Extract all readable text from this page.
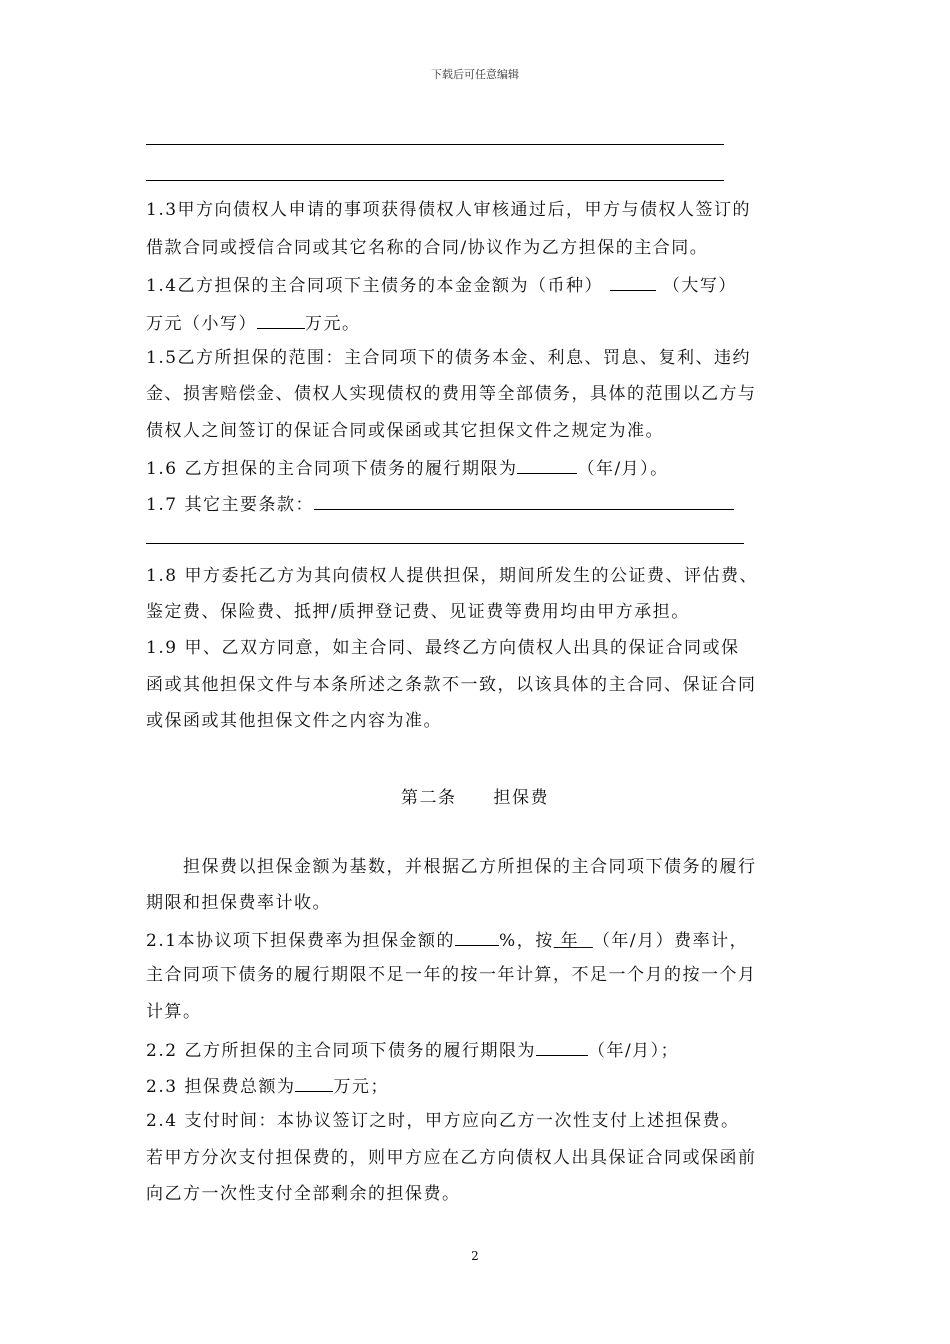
下载后可任意编辑
1.3甲方向债权人申请的事项获得债权人审核通过后，甲方与债权人签订的
借款合同或授信合同或其它名称的合同/协议作为乙方担保的主合同。
1.4乙方担保的主合同项下主债务的本金金额为（币种）	（大写）
万元（小写）	万元。
1.5乙方所担保的范围：主合同项下的债务本金、利息、罚息、复利、违约
金、损害赔偿金、债权人实现债权的费用等全部债务，具体的范围以乙方与
债权人之间签订的保证合同或保函或其它担保文件之规定为准。
1.6 乙方担保的主合同项下债务的履行期限为	（年/月）。
1.7 其它主要条款：
1.8 甲方委托乙方为其向债权人提供担保，期间所发生的公证费、评估费、
鉴定费、保险费、抵押/质押登记费、见证费等费用均由甲方承担。
1.9 甲、乙双方同意，如主合同、最终乙方向债权人出具的保证合同或保
函或其他担保文件与本条所述之条款不一致，以该具体的主合同、保证合同
或保函或其他担保文件之内容为准。
第二条　　担保费
　　担保费以担保金额为基数，并根据乙方所担保的主合同项下债务的履行
期限和担保费率计收。
2.1本协议项下担保费率为担保金额的	%，按 年 （年/月）费率计，
主合同项下债务的履行期限不足一年的按一年计算，不足一个月的按一个月
计算。
2.2 乙方所担保的主合同项下债务的履行期限为	（年/月）；
2.3 担保费总额为 万元；
2.4 支付时间：本协议签订之时，甲方应向乙方一次性支付上述担保费。
若甲方分次支付担保费的，则甲方应在乙方向债权人出具保证合同或保函前
向乙方一次性支付全部剩余的担保费。
2
